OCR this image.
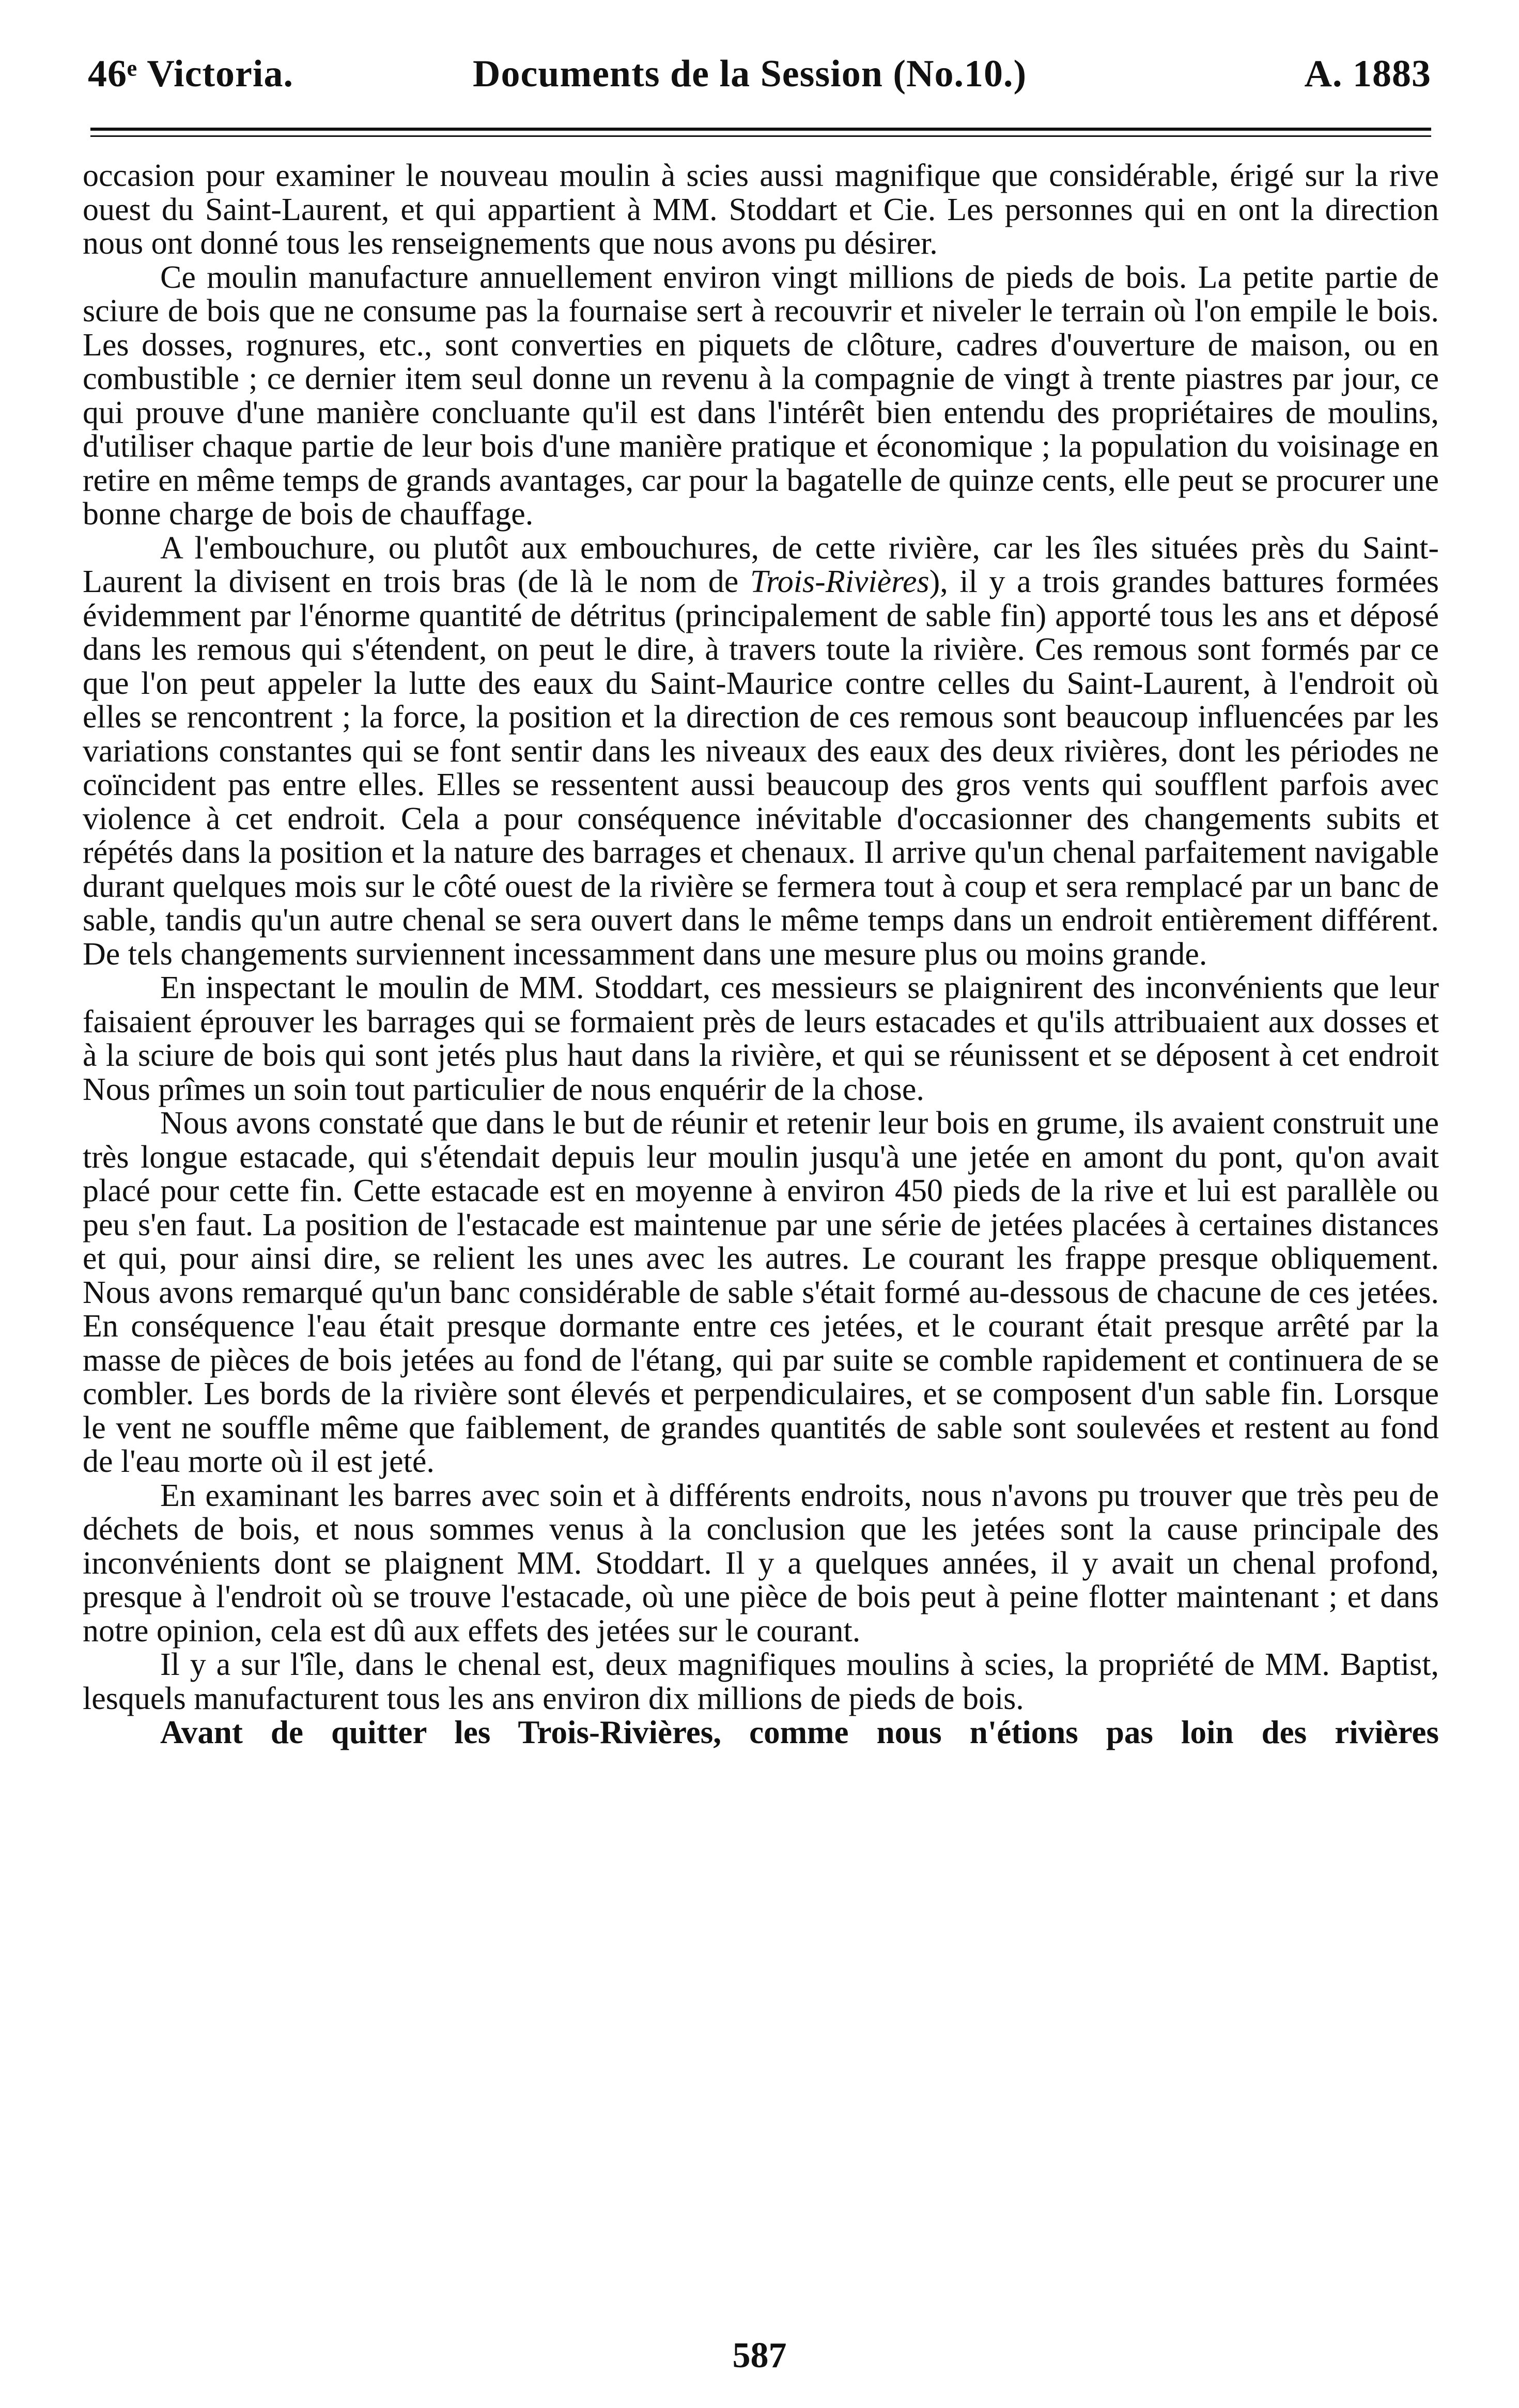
46ᵉ Victoria.	Documents de la Session (No.10.)	A. 1883

occasion pour examiner le nouveau moulin à scies aussi magnifique que considérable, érigé sur la rive ouest du Saint-Laurent, et qui appartient à MM. Stoddart et Cie. Les personnes qui en ont la direction nous ont donné tous les renseignements que nous avons pu désirer.

Ce moulin manufacture annuellement environ vingt millions de pieds de bois. La petite partie de sciure de bois que ne consume pas la fournaise sert à recouvrir et niveler le terrain où l'on empile le bois. Les dosses, rognures, etc., sont converties en piquets de clôture, cadres d'ouverture de maison, ou en combustible ; ce dernier item seul donne un revenu à la compagnie de vingt à trente piastres par jour, ce qui prouve d'une manière concluante qu'il est dans l'intérêt bien entendu des propriétaires de moulins, d'utiliser chaque partie de leur bois d'une manière pratique et économique ; la population du voisinage en retire en même temps de grands avantages, car pour la bagatelle de quinze cents, elle peut se procurer une bonne charge de bois de chauffage.

A l'embouchure, ou plutôt aux embouchures, de cette rivière, car les îles situées près du Saint-Laurent la divisent en trois bras (de là le nom de Trois-Rivières), il y a trois grandes battures formées évidemment par l'énorme quantité de détritus (principalement de sable fin) apporté tous les ans et déposé dans les remous qui s'étendent, on peut le dire, à travers toute la rivière. Ces remous sont formés par ce que l'on peut appeler la lutte des eaux du Saint-Maurice contre celles du Saint-Laurent, à l'endroit où elles se rencontrent ; la force, la position et la direction de ces remous sont beaucoup influencées par les variations constantes qui se font sentir dans les niveaux des eaux des deux rivières, dont les périodes ne coïncident pas entre elles. Elles se ressentent aussi beaucoup des gros vents qui soufflent parfois avec violence à cet endroit. Cela a pour conséquence inévitable d'occasionner des changements subits et répétés dans la position et la nature des barrages et chenaux. Il arrive qu'un chenal parfaitement navigable durant quelques mois sur le côté ouest de la rivière se fermera tout à coup et sera remplacé par un banc de sable, tandis qu'un autre chenal se sera ouvert dans le même temps dans un endroit entièrement différent. De tels changements surviennent incessamment dans une mesure plus ou moins grande.

En inspectant le moulin de MM. Stoddart, ces messieurs se plaignirent des inconvénients que leur faisaient éprouver les barrages qui se formaient près de leurs estacades et qu'ils attribuaient aux dosses et à la sciure de bois qui sont jetés plus haut dans la rivière, et qui se réunissent et se déposent à cet endroit Nous prîmes un soin tout particulier de nous enquérir de la chose.

Nous avons constaté que dans le but de réunir et retenir leur bois en grume, ils avaient construit une très longue estacade, qui s'étendait depuis leur moulin jusqu'à une jetée en amont du pont, qu'on avait placé pour cette fin. Cette estacade est en moyenne à environ 450 pieds de la rive et lui est parallèle ou peu s'en faut. La position de l'estacade est maintenue par une série de jetées placées à certaines distances et qui, pour ainsi dire, se relient les unes avec les autres. Le courant les frappe presque obliquement. Nous avons remarqué qu'un banc considérable de sable s'était formé au-dessous de chacune de ces jetées. En conséquence l'eau était presque dormante entre ces jetées, et le courant était presque arrêté par la masse de pièces de bois jetées au fond de l'étang, qui par suite se comble rapidement et continuera de se combler. Les bords de la rivière sont élevés et perpendiculaires, et se composent d'un sable fin. Lorsque le vent ne souffle même que faiblement, de grandes quantités de sable sont soulevées et restent au fond de l'eau morte où il est jeté.

En examinant les barres avec soin et à différents endroits, nous n'avons pu trouver que très peu de déchets de bois, et nous sommes venus à la conclusion que les jetées sont la cause principale des inconvénients dont se plaignent MM. Stoddart. Il y a quelques années, il y avait un chenal profond, presque à l'endroit où se trouve l'estacade, où une pièce de bois peut à peine flotter maintenant ; et dans notre opinion, cela est dû aux effets des jetées sur le courant.

Il y a sur l'île, dans le chenal est, deux magnifiques moulins à scies, la propriété de MM. Baptist, lesquels manufacturent tous les ans environ dix millions de pieds de bois.

Avant de quitter les Trois-Rivières, comme nous n'étions pas loin des rivières

587
